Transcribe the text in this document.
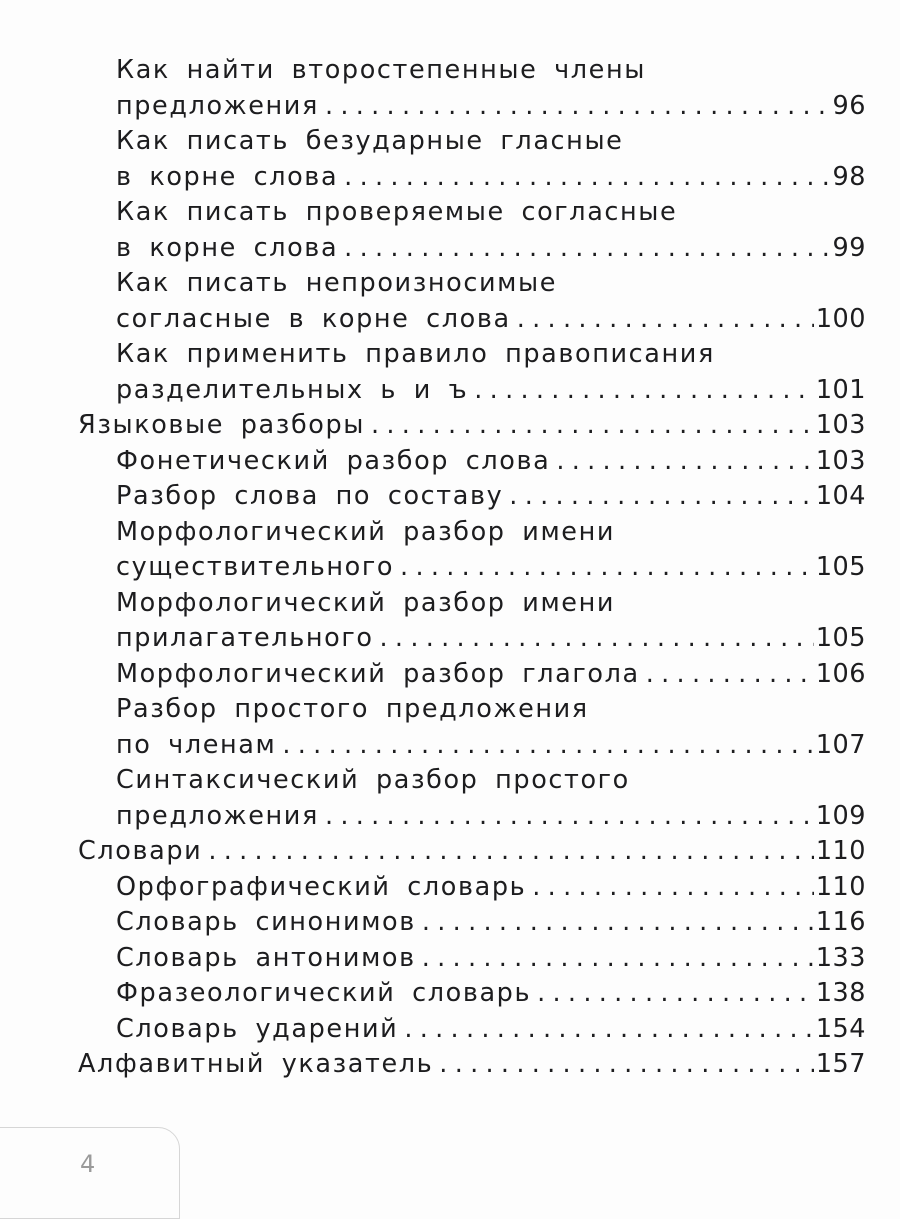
Как найти второстепенные члены
предложения .....	96
Как писать безударные гласные
в корне слова .....	98
Как писать проверяемые согласные
в корне слова .....	99
Как писать непроизносимые
согласные в корне слова .....	100
Как применить правило правописания
разделительных ь и ъ .....	101
Языковые разборы .....	103
Фонетический разбор слова .....	103
Разбор слова по составу .....	104
Морфологический разбор имени
существительного .....	105
Морфологический разбор имени
прилагательного .....	105
Морфологический разбор глагола .....	106
Разбор простого предложения
по членам .....	107
Синтаксический разбор простого
предложения .....	109
Словари .....	110
Орфографический словарь .....	110
Словарь синонимов .....	116
Словарь антонимов .....	133
Фразеологический словарь .....	138
Словарь ударений .....	154
Алфавитный указатель .....	157
4
